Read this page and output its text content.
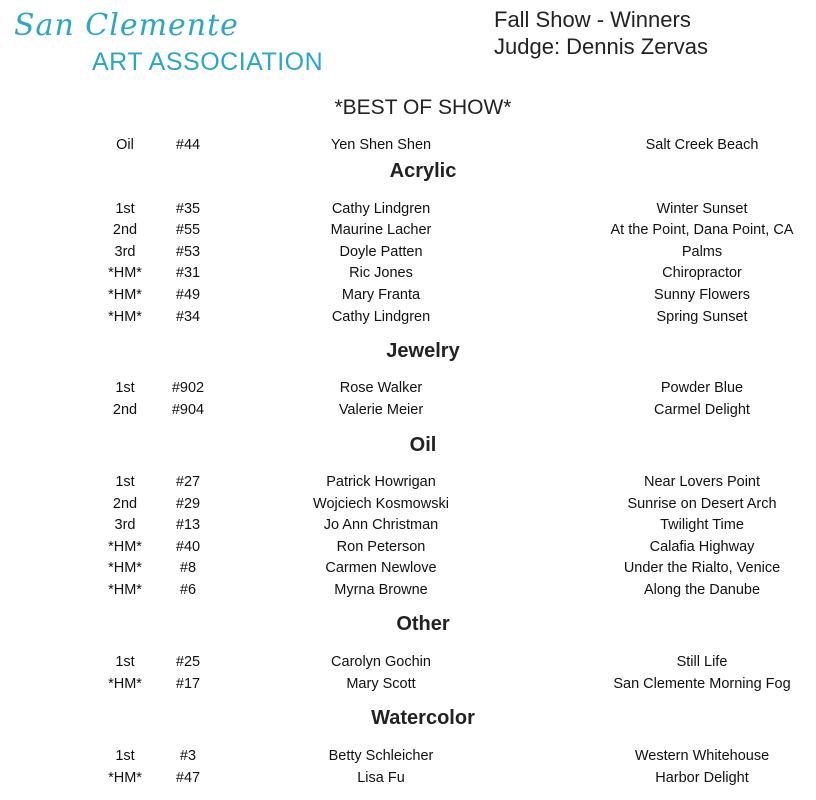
San Clemente
ART ASSOCIATION
Fall Show - Winners
Judge: Dennis Zervas
*BEST OF SHOW*
Oil	#44	Yen Shen Shen	Salt Creek Beach
Acrylic
1st	#35	Cathy Lindgren	Winter Sunset
2nd	#55	Maurine Lacher	At the Point, Dana Point, CA
3rd	#53	Doyle Patten	Palms
*HM*	#31	Ric Jones	Chiropractor
*HM*	#49	Mary Franta	Sunny Flowers
*HM*	#34	Cathy Lindgren	Spring Sunset
Jewelry
1st	#902	Rose Walker	Powder Blue
2nd	#904	Valerie Meier	Carmel Delight
Oil
1st	#27	Patrick Howrigan	Near Lovers Point
2nd	#29	Wojciech Kosmowski	Sunrise on Desert Arch
3rd	#13	Jo Ann Christman	Twilight Time
*HM*	#40	Ron Peterson	Calafia Highway
*HM*	#8	Carmen Newlove	Under the Rialto, Venice
*HM*	#6	Myrna Browne	Along the Danube
Other
1st	#25	Carolyn Gochin	Still Life
*HM*	#17	Mary Scott	San Clemente Morning Fog
Watercolor
1st	#3	Betty Schleicher	Western Whitehouse
*HM*	#47	Lisa Fu	Harbor Delight
